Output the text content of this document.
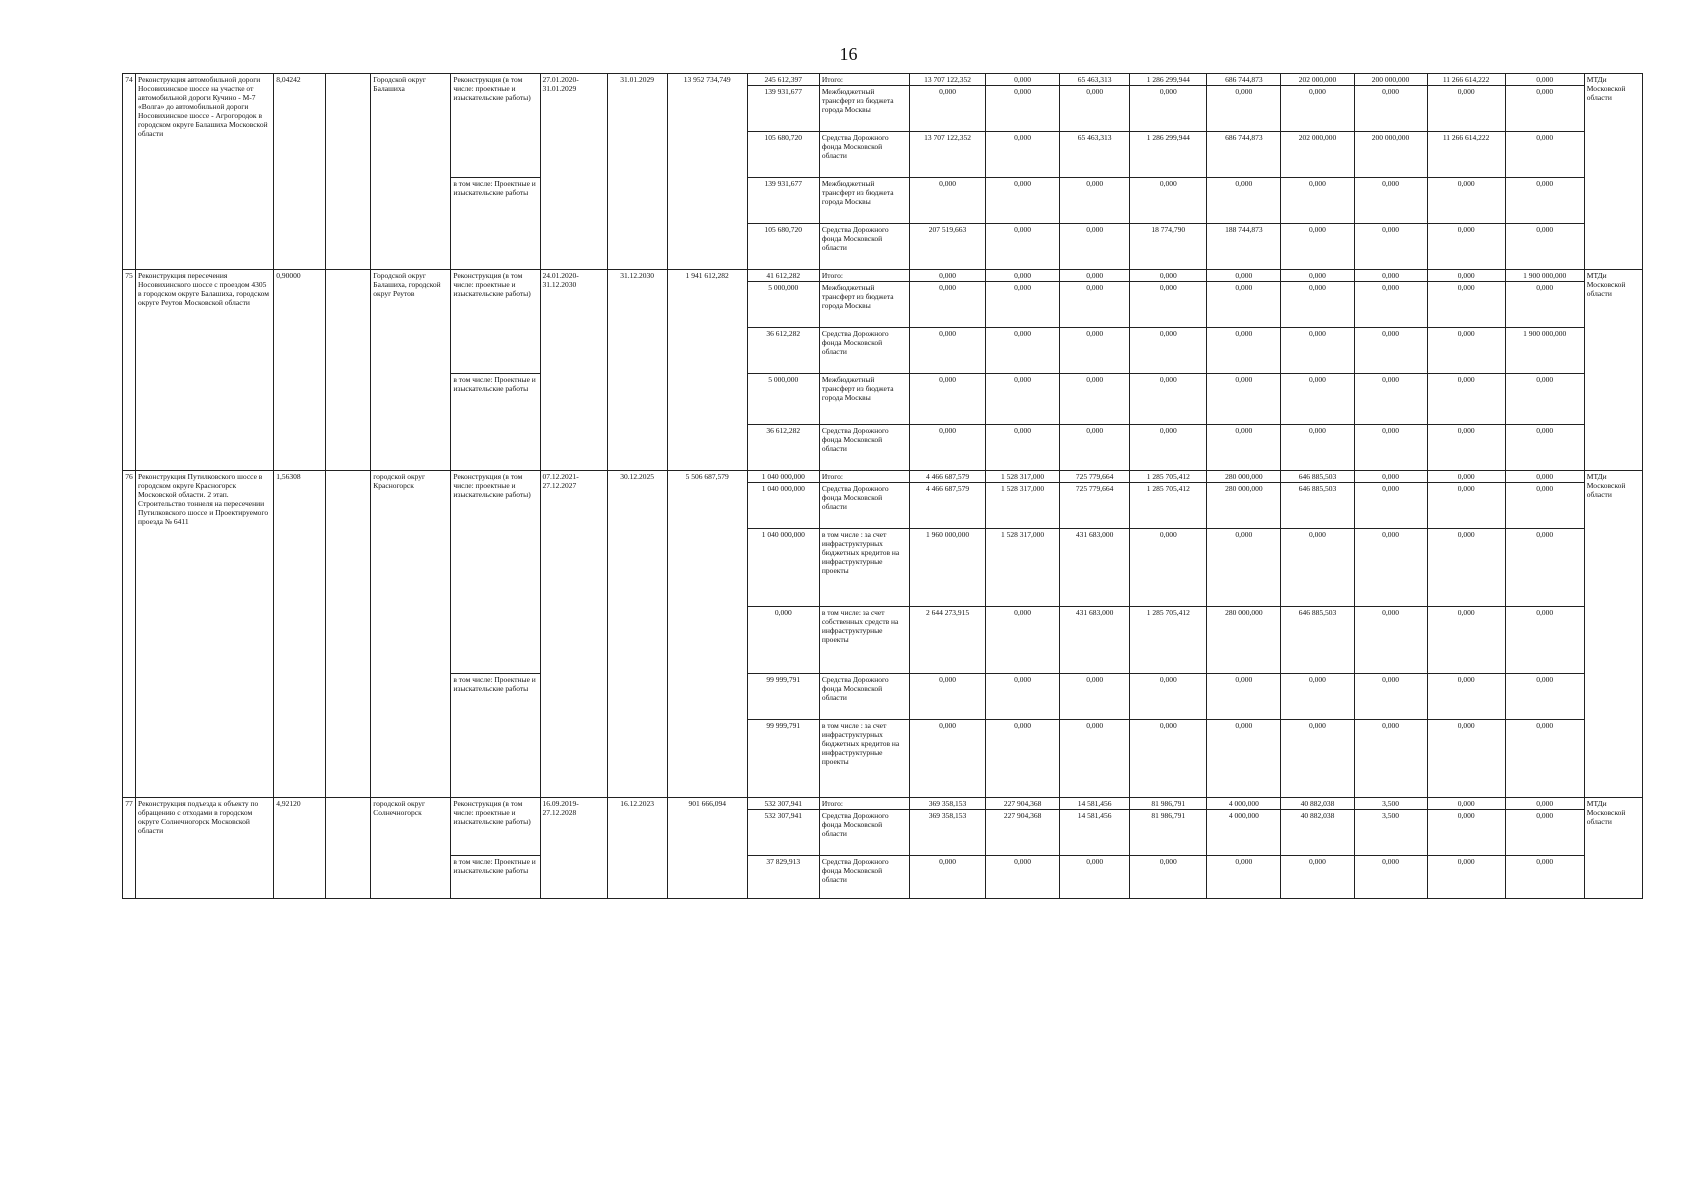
16
74	Реконструкция автомобильной дороги Носовихинское шоссе на участке от автомобильной дороги Кучино - М-7 «Волга» до автомобильной дороги Носовихинское шоссе - Агрогородок в городском округе Балашиха Московской области	8,04242		Городской округ Балашиха	Реконструкция (в том числе: проектные и изыскательские работы)	27.01.2020- 31.01.2029	31.01.2029	13 952 734,749	245 612,397	Итого:	13 707 122,352	0,000	65 463,313	1 286 299,944	686 744,873	202 000,000	200 000,000	11 266 614,222	0,000	МТДи Московской области
									139 931,677	Межбюджетный трансферт из бюджета города Москвы	0,000	0,000	0,000	0,000	0,000	0,000	0,000	0,000	0,000	
									105 680,720	Средства Дорожного фонда Московской области	13 707 122,352	0,000	65 463,313	1 286 299,944	686 744,873	202 000,000	200 000,000	11 266 614,222	0,000	
					в том числе: Проектные и изыскательские работы				139 931,677	Межбюджетный трансферт из бюджета города Москвы	0,000	0,000	0,000	0,000	0,000	0,000	0,000	0,000	0,000	
									105 680,720	Средства Дорожного фонда Московской области	207 519,663	0,000	0,000	18 774,790	188 744,873	0,000	0,000	0,000	0,000	
75	Реконструкция пересечения Носовихинского шоссе с проездом 4305 в городском округе Балашиха, городском округе Реутов Московской области	0,90000		Городской округ Балашиха, городской округ Реутов	Реконструкция (в том числе: проектные и изыскательские работы)	24.01.2020- 31.12.2030	31.12.2030	1 941 612,282	41 612,282	Итого:	0,000	0,000	0,000	0,000	0,000	0,000	0,000	0,000	1 900 000,000	МТДи Московской области
									5 000,000	Межбюджетный трансферт из бюджета города Москвы	0,000	0,000	0,000	0,000	0,000	0,000	0,000	0,000	0,000	
									36 612,282	Средства Дорожного фонда Московской области	0,000	0,000	0,000	0,000	0,000	0,000	0,000	0,000	1 900 000,000	
					в том числе: Проектные и изыскательские работы				5 000,000	Межбюджетный трансферт из бюджета города Москвы	0,000	0,000	0,000	0,000	0,000	0,000	0,000	0,000	0,000	
									36 612,282	Средства Дорожного фонда Московской области	0,000	0,000	0,000	0,000	0,000	0,000	0,000	0,000	0,000	
76	Реконструкция Путилковского шоссе в городском округе Красногорск Московской области. 2 этап. Строительство тоннеля на пересечении Путилковского шоссе и Проектируемого проезда № 6411	1,56308		городской округ Красногорск	Реконструкция (в том числе: проектные и изыскательские работы)	07.12.2021- 27.12.2027	30.12.2025	5 506 687,579	1 040 000,000	Итого:	4 466 687,579	1 528 317,000	725 779,664	1 285 705,412	280 000,000	646 885,503	0,000	0,000	0,000	МТДи Московской области
									1 040 000,000	Средства Дорожного фонда Московской области	4 466 687,579	1 528 317,000	725 779,664	1 285 705,412	280 000,000	646 885,503	0,000	0,000	0,000	
									1 040 000,000	в том числе : за счет инфраструктурных бюджетных кредитов на инфраструктурные проекты	1 960 000,000	1 528 317,000	431 683,000	0,000	0,000	0,000	0,000	0,000	0,000	
									0,000	в том числе: за счет собственных средств на инфраструктурные проекты	2 644 273,915	0,000	431 683,000	1 285 705,412	280 000,000	646 885,503	0,000	0,000	0,000	
					в том числе: Проектные и изыскательские работы				99 999,791	Средства Дорожного фонда Московской области	0,000	0,000	0,000	0,000	0,000	0,000	0,000	0,000	0,000	
									99 999,791	в том числе : за счет инфраструктурных бюджетных кредитов на инфраструктурные проекты	0,000	0,000	0,000	0,000	0,000	0,000	0,000	0,000	0,000	
77	Реконструкция подъезда к объекту по обращению с отходами в городском округе Солнечногорск Московской области	4,92120		городской округ Солнечногорск	Реконструкция (в том числе: проектные и изыскательские работы)	16.09.2019- 27.12.2028	16.12.2023	901 666,094	532 307,941	Итого:	369 358,153	227 904,368	14 581,456	81 986,791	4 000,000	40 882,038	3,500	0,000	0,000	МТДи Московской области
									532 307,941	Средства Дорожного фонда Московской области	369 358,153	227 904,368	14 581,456	81 986,791	4 000,000	40 882,038	3,500	0,000	0,000	
					в том числе: Проектные и изыскательские работы				37 829,913	Средства Дорожного фонда Московской области	0,000	0,000	0,000	0,000	0,000	0,000	0,000	0,000	0,000	
